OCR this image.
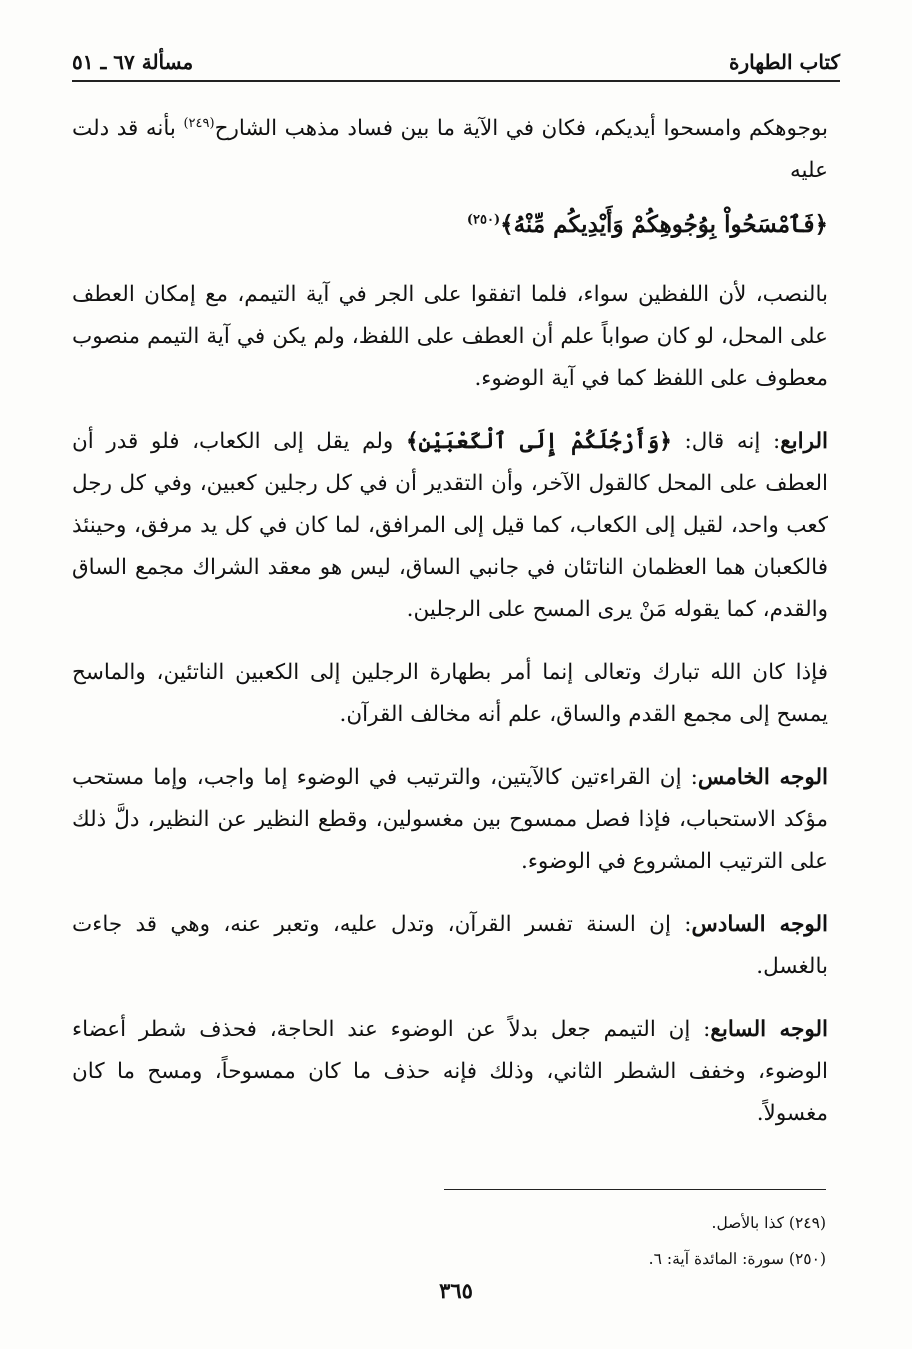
كتاب الطهارة
مسألة ٦٧ ـ ٥١

بوجوهكم وامسحوا أيديكم، فكان في الآية ما بين فساد مذهب الشارح$^{(٢٤٩)}$ بأنه قد دلت عليه

﴿فَٱمْسَحُواْ بِوُجُوهِكُمْ وَأَيْدِيكُم مِّنْهُ﴾$^{(٢٥٠)}$

بالنصب، لأن اللفظين سواء، فلما اتفقوا على الجر في آية التيمم، مع إمكان العطف على المحل، لو كان صواباً علم أن العطف على اللفظ، ولم يكن في آية التيمم منصوب معطوف على اللفظ كما في آية الوضوء.

الرابع: إنه قال: ﴿وَأَرْجُلَكُمْ إِلَى ٱلْكَعْبَيْنِ﴾ ولم يقل إلى الكعاب، فلو قدر أن العطف على المحل كالقول الآخر، وأن التقدير أن في كل رجلين كعبين، وفي كل رجل كعب واحد، لقيل إلى الكعاب، كما قيل إلى المرافق، لما كان في كل يد مرفق، وحينئذ فالكعبان هما العظمان الناتئان في جانبي الساق، ليس هو معقد الشراك مجمع الساق والقدم، كما يقوله مَنْ يرى المسح على الرجلين.

فإذا كان الله تبارك وتعالى إنما أمر بطهارة الرجلين إلى الكعبين الناتئين، والماسح يمسح إلى مجمع القدم والساق، علم أنه مخالف القرآن.

الوجه الخامس: إن القراءتين كالآيتين، والترتيب في الوضوء إما واجب، وإما مستحب مؤكد الاستحباب، فإذا فصل ممسوح بين مغسولين، وقطع النظير عن النظير، دلَّ ذلك على الترتيب المشروع في الوضوء.

الوجه السادس: إن السنة تفسر القرآن، وتدل عليه، وتعبر عنه، وهي قد جاءت بالغسل.

الوجه السابع: إن التيمم جعل بدلاً عن الوضوء عند الحاجة، فحذف شطر أعضاء الوضوء، وخفف الشطر الثاني، وذلك فإنه حذف ما كان ممسوحاً، ومسح ما كان مغسولاً.

(٢٤٩) كذا بالأصل.

(٢٥٠) سورة: المائدة آية: ٦.

٣٦٥
